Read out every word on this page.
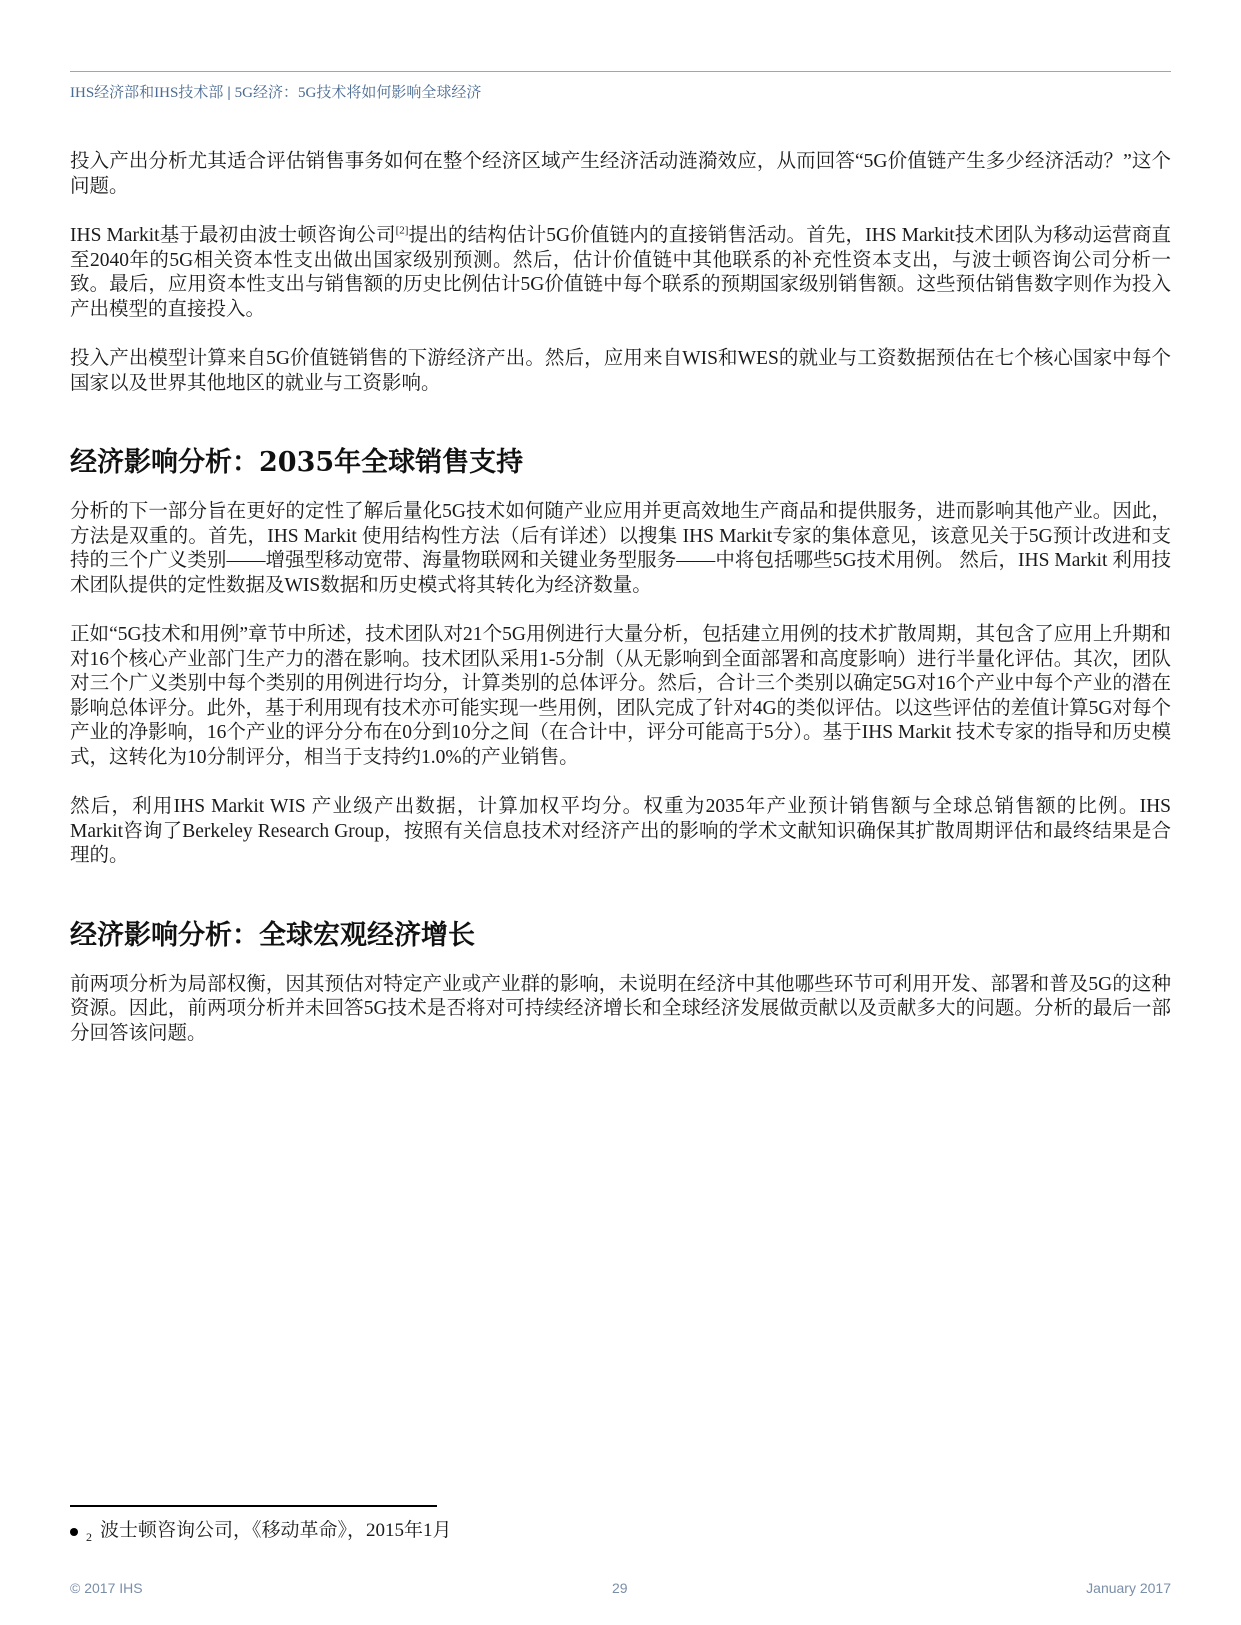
IHS经济部和IHS技术部 | 5G经济：5G技术将如何影响全球经济

投入产出分析尤其适合评估销售事务如何在整个经济区域产生经济活动涟漪效应，从而回答“5G价值链产生多少经济活动？”这个问题。

IHS Markit基于最初由波士顿咨询公司[2]提出的结构估计5G价值链内的直接销售活动。首先，IHS Markit技术团队为移动运营商直至2040年的5G相关资本性支出做出国家级别预测。然后，估计价值链中其他联系的补充性资本支出，与波士顿咨询公司分析一致。最后，应用资本性支出与销售额的历史比例估计5G价值链中每个联系的预期国家级别销售额。这些预估销售数字则作为投入产出模型的直接投入。

投入产出模型计算来自5G价值链销售的下游经济产出。然后，应用来自WIS和WES的就业与工资数据预估在七个核心国家中每个国家以及世界其他地区的就业与工资影响。

经济影响分析：2035年全球销售支持

分析的下一部分旨在更好的定性了解后量化5G技术如何随产业应用并更高效地生产商品和提供服务，进而影响其他产业。因此，方法是双重的。首先，IHS Markit 使用结构性方法（后有详述）以搜集 IHS Markit专家的集体意见，该意见关于5G预计改进和支持的三个广义类别——增强型移动宽带、海量物联网和关键业务型服务——中将包括哪些5G技术用例。 然后，IHS Markit 利用技术团队提供的定性数据及WIS数据和历史模式将其转化为经济数量。

正如“5G技术和用例”章节中所述，技术团队对21个5G用例进行大量分析，包括建立用例的技术扩散周期，其包含了应用上升期和对16个核心产业部门生产力的潜在影响。技术团队采用1-5分制（从无影响到全面部署和高度影响）进行半量化评估。其次，团队对三个广义类别中每个类别的用例进行均分，计算类别的总体评分。然后，合计三个类别以确定5G对16个产业中每个产业的潜在影响总体评分。此外，基于利用现有技术亦可能实现一些用例，团队完成了针对4G的类似评估。以这些评估的差值计算5G对每个产业的净影响，16个产业的评分分布在0分到10分之间（在合计中，评分可能高于5分）。基于IHS Markit 技术专家的指导和历史模式，这转化为10分制评分，相当于支持约1.0%的产业销售。

然后，利用IHS Markit WIS 产业级产出数据，计算加权平均分。权重为2035年产业预计销售额与全球总销售额的比例。IHS Markit咨询了Berkeley Research Group，按照有关信息技术对经济产出的影响的学术文献知识确保其扩散周期评估和最终结果是合理的。

经济影响分析：全球宏观经济增长

前两项分析为局部权衡，因其预估对特定产业或产业群的影响，未说明在经济中其他哪些环节可利用开发、部署和普及5G的这种资源。因此，前两项分析并未回答5G技术是否将对可持续经济增长和全球经济发展做贡献以及贡献多大的问题。分析的最后一部分回答该问题。

$_2$ 波士顿咨询公司，《移动革命》，2015年1月
© 2017 IHS	29	January 2017
